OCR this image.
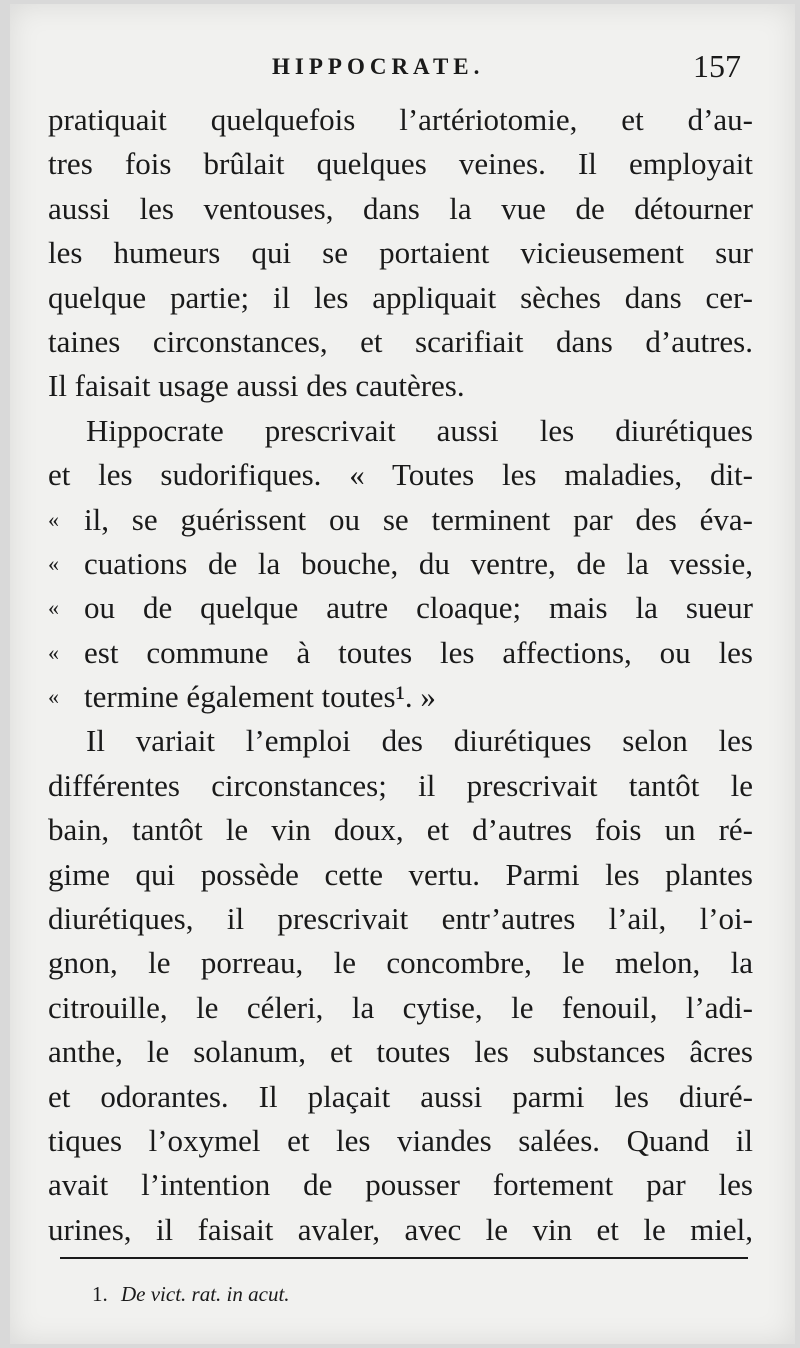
HIPPOCRATE.	157
pratiquait quelquefois l’artériotomie, et d’au-
tres fois brûlait quelques veines. Il employait
aussi les ventouses, dans la vue de détourner
les humeurs qui se portaient vicieusement sur
quelque partie; il les appliquait sèches dans cer-
taines circonstances, et scarifiait dans d’autres.
Il faisait usage aussi des cautères.
Hippocrate prescrivait aussi les diurétiques
et les sudorifiques. « Toutes les maladies, dit-
« il, se guérissent ou se terminent par des éva-
« cuations de la bouche, du ventre, de la vessie,
« ou de quelque autre cloaque; mais la sueur
« est commune à toutes les affections, ou les
« termine également toutes¹. »
Il variait l’emploi des diurétiques selon les
différentes circonstances; il prescrivait tantôt le
bain, tantôt le vin doux, et d’autres fois un ré-
gime qui possède cette vertu. Parmi les plantes
diurétiques, il prescrivait entr’autres l’ail, l’oi-
gnon, le porreau, le concombre, le melon, la
citrouille, le céleri, la cytise, le fenouil, l’adi-
anthe, le solanum, et toutes les substances âcres
et odorantes. Il plaçait aussi parmi les diuré-
tiques l’oxymel et les viandes salées. Quand il
avait l’intention de pousser fortement par les
urines, il faisait avaler, avec le vin et le miel,
1. De vict. rat. in acut.
